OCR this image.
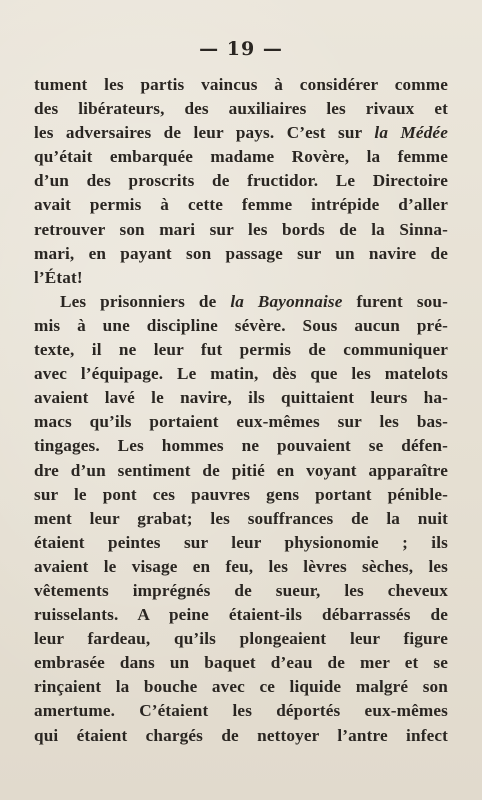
— 19 —
tument les partis vaincus à considérer comme
des libérateurs, des auxiliaires les rivaux et
les adversaires de leur pays. C’est sur la Médée
qu’était embarquée madame Rovère, la femme
d’un des proscrits de fructidor. Le Directoire
avait permis à cette femme intrépide d’aller
retrouver son mari sur les bords de la Sinna-
mari, en payant son passage sur un navire de
l’État!
Les prisonniers de la Bayonnaise furent sou-
mis à une discipline sévère. Sous aucun pré-
texte, il ne leur fut permis de communiquer
avec l’équipage. Le matin, dès que les matelots
avaient lavé le navire, ils quittaient leurs ha-
macs qu’ils portaient eux-mêmes sur les bas-
tingages. Les hommes ne pouvaient se défen-
dre d’un sentiment de pitié en voyant apparaître
sur le pont ces pauvres gens portant pénible-
ment leur grabat; les souffrances de la nuit
étaient peintes sur leur physionomie ; ils
avaient le visage en feu, les lèvres sèches, les
vêtements imprégnés de sueur, les cheveux
ruisselants. A peine étaient-ils débarrassés de
leur fardeau, qu’ils plongeaient leur figure
embrasée dans un baquet d’eau de mer et se
rinçaient la bouche avec ce liquide malgré son
amertume. C’étaient les déportés eux-mêmes
qui étaient chargés de nettoyer l’antre infect
